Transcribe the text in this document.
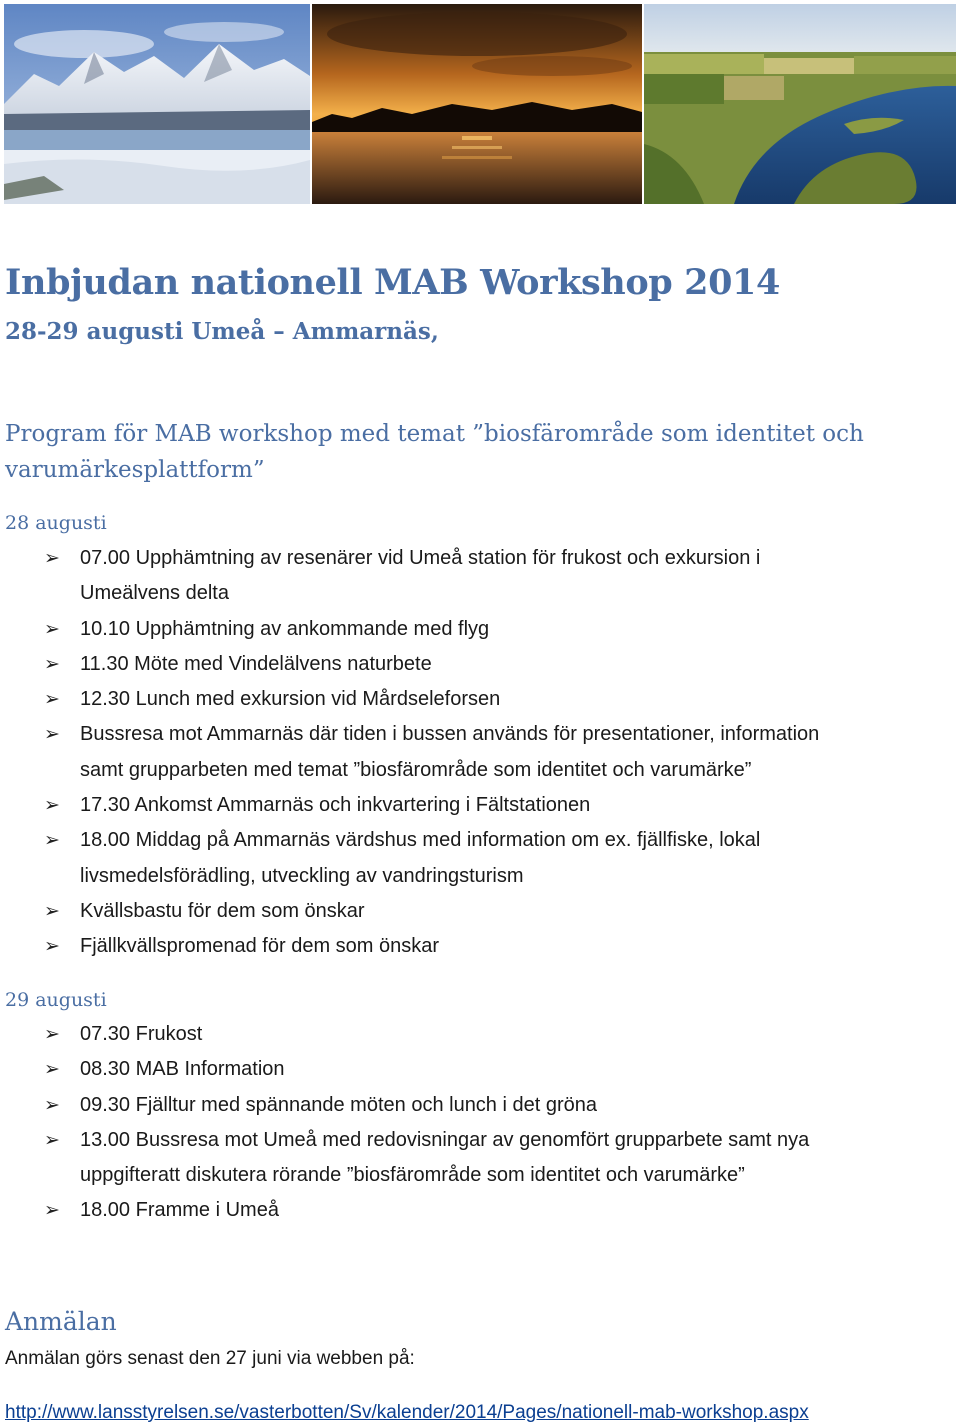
Inbjudan nationell MAB Workshop 2014
28-29 augusti Umeå – Ammarnäs,
Program för MAB workshop med temat ”biosfärområde som identitet och
varumärkesplattform”
28 augusti
➢ 07.00 Upphämtning av resenärer vid Umeå station för frukost och exkursion i
Umeälvens delta
➢ 10.10 Upphämtning av ankommande med flyg
➢ 11.30 Möte med Vindelälvens naturbete
➢ 12.30 Lunch med exkursion vid Mårdseleforsen
➢ Bussresa mot Ammarnäs där tiden i bussen används för presentationer, information
samt grupparbeten med temat ”biosfärområde som identitet och varumärke”
➢ 17.30 Ankomst Ammarnäs och inkvartering i Fältstationen
➢ 18.00 Middag på Ammarnäs värdshus med information om ex. fjällfiske, lokal
livsmedelsförädling, utveckling av vandringsturism
➢ Kvällsbastu för dem som önskar
➢ Fjällkvällspromenad för dem som önskar
29 augusti
➢ 07.30 Frukost
➢ 08.30 MAB Information
➢ 09.30 Fjälltur med spännande möten och lunch i det gröna
➢ 13.00 Bussresa mot Umeå med redovisningar av genomfört grupparbete samt nya
uppgifteratt diskutera rörande ”biosfärområde som identitet och varumärke”
➢ 18.00 Framme i Umeå
Anmälan

Anmälan görs senast den 27 juni via webben på:

http://www.lansstyrelsen.se/vasterbotten/Sv/kalender/2014/Pages/nationell-mab-workshop.aspx
